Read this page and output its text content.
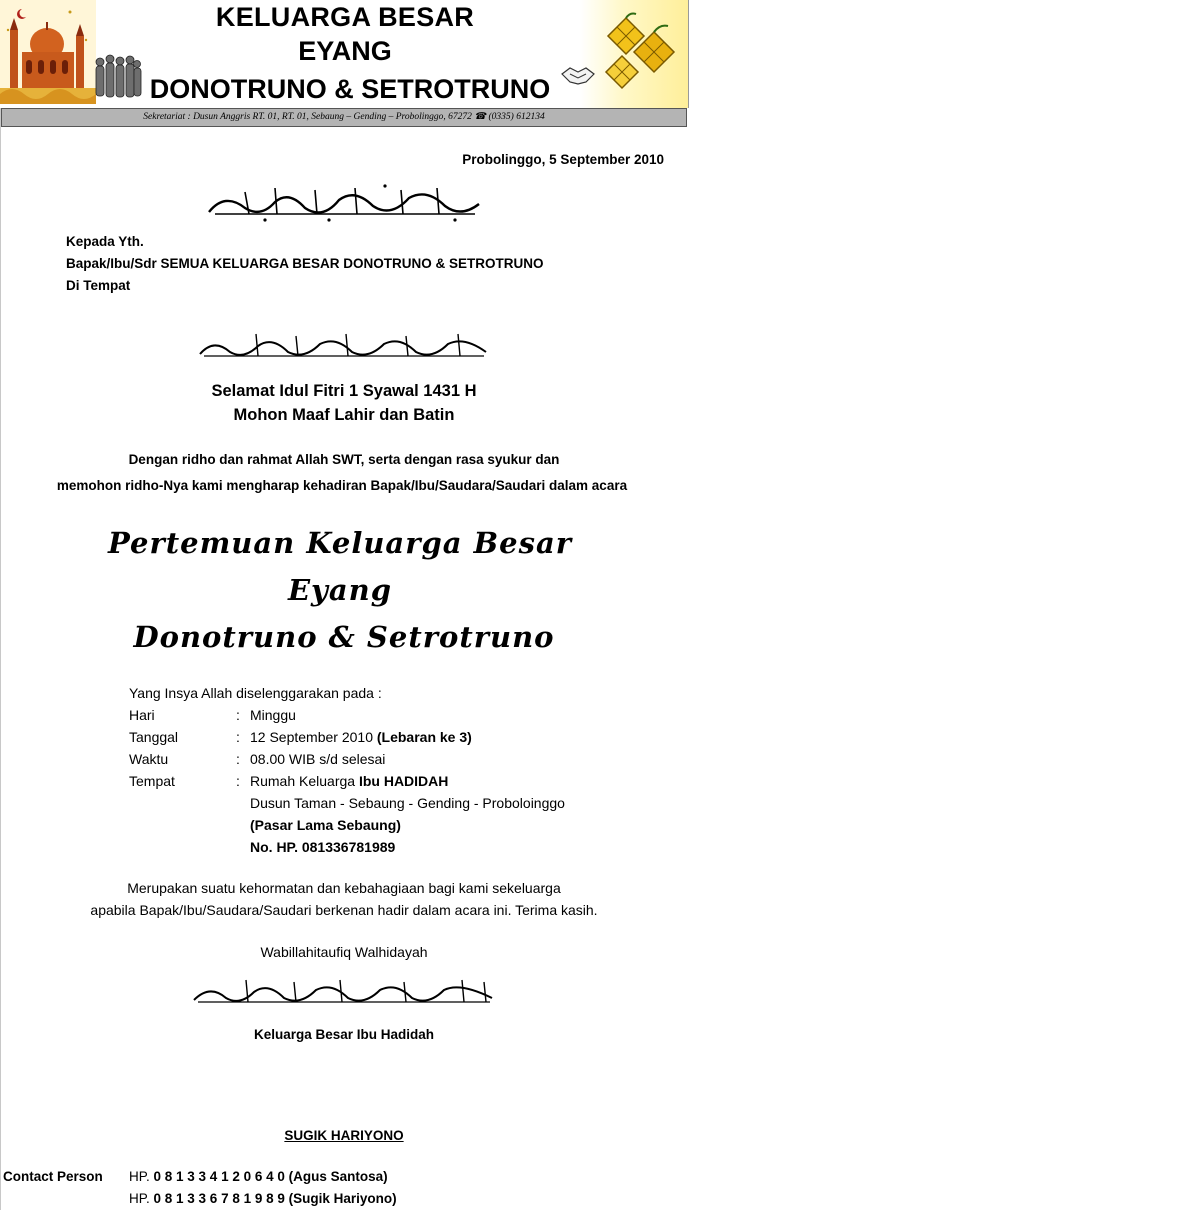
KELUARGA BESAR
EYANG
DONOTRUNO & SETROTRUNO
Sekretariat : Dusun Anggris RT. 01, RT. 01, Sebaung – Gending – Probolinggo, 67272 ☎ (0335) 612134
Probolinggo, 5 September 2010
Kepada Yth.
Bapak/Ibu/Sdr SEMUA KELUARGA BESAR DONOTRUNO & SETROTRUNO
Di Tempat
Selamat Idul Fitri 1 Syawal 1431 H
Mohon Maaf Lahir dan Batin
Dengan ridho dan rahmat Allah SWT, serta dengan rasa syukur dan
memohon ridho-Nya kami mengharap kehadiran Bapak/Ibu/Saudara/Saudari dalam acara
Pertemuan Keluarga Besar
Eyang
Donotruno & Setrotruno
Yang Insya Allah diselenggarakan pada :
Hari	: Minggu
Tanggal	: 12 September 2010 (Lebaran ke 3)
Waktu	: 08.00 WIB s/d selesai
Tempat	: Rumah Keluarga Ibu HADIDAH
Dusun Taman - Sebaung - Gending - Proboloinggo
(Pasar Lama Sebaung)
No. HP. 081336781989
Merupakan suatu kehormatan dan kebahagiaan bagi kami sekeluarga
apabila Bapak/Ibu/Saudara/Saudari berkenan hadir dalam acara ini. Terima kasih.
Wabillahitaufiq Walhidayah
Keluarga Besar Ibu Hadidah
SUGIK HARIYONO
Contact Person HP. 0 8 1 3 3 4 1 2 0 6 4 0 (Agus Santosa)
HP. 0 8 1 3 3 6 7 8 1 9 8 9 (Sugik Hariyono)
